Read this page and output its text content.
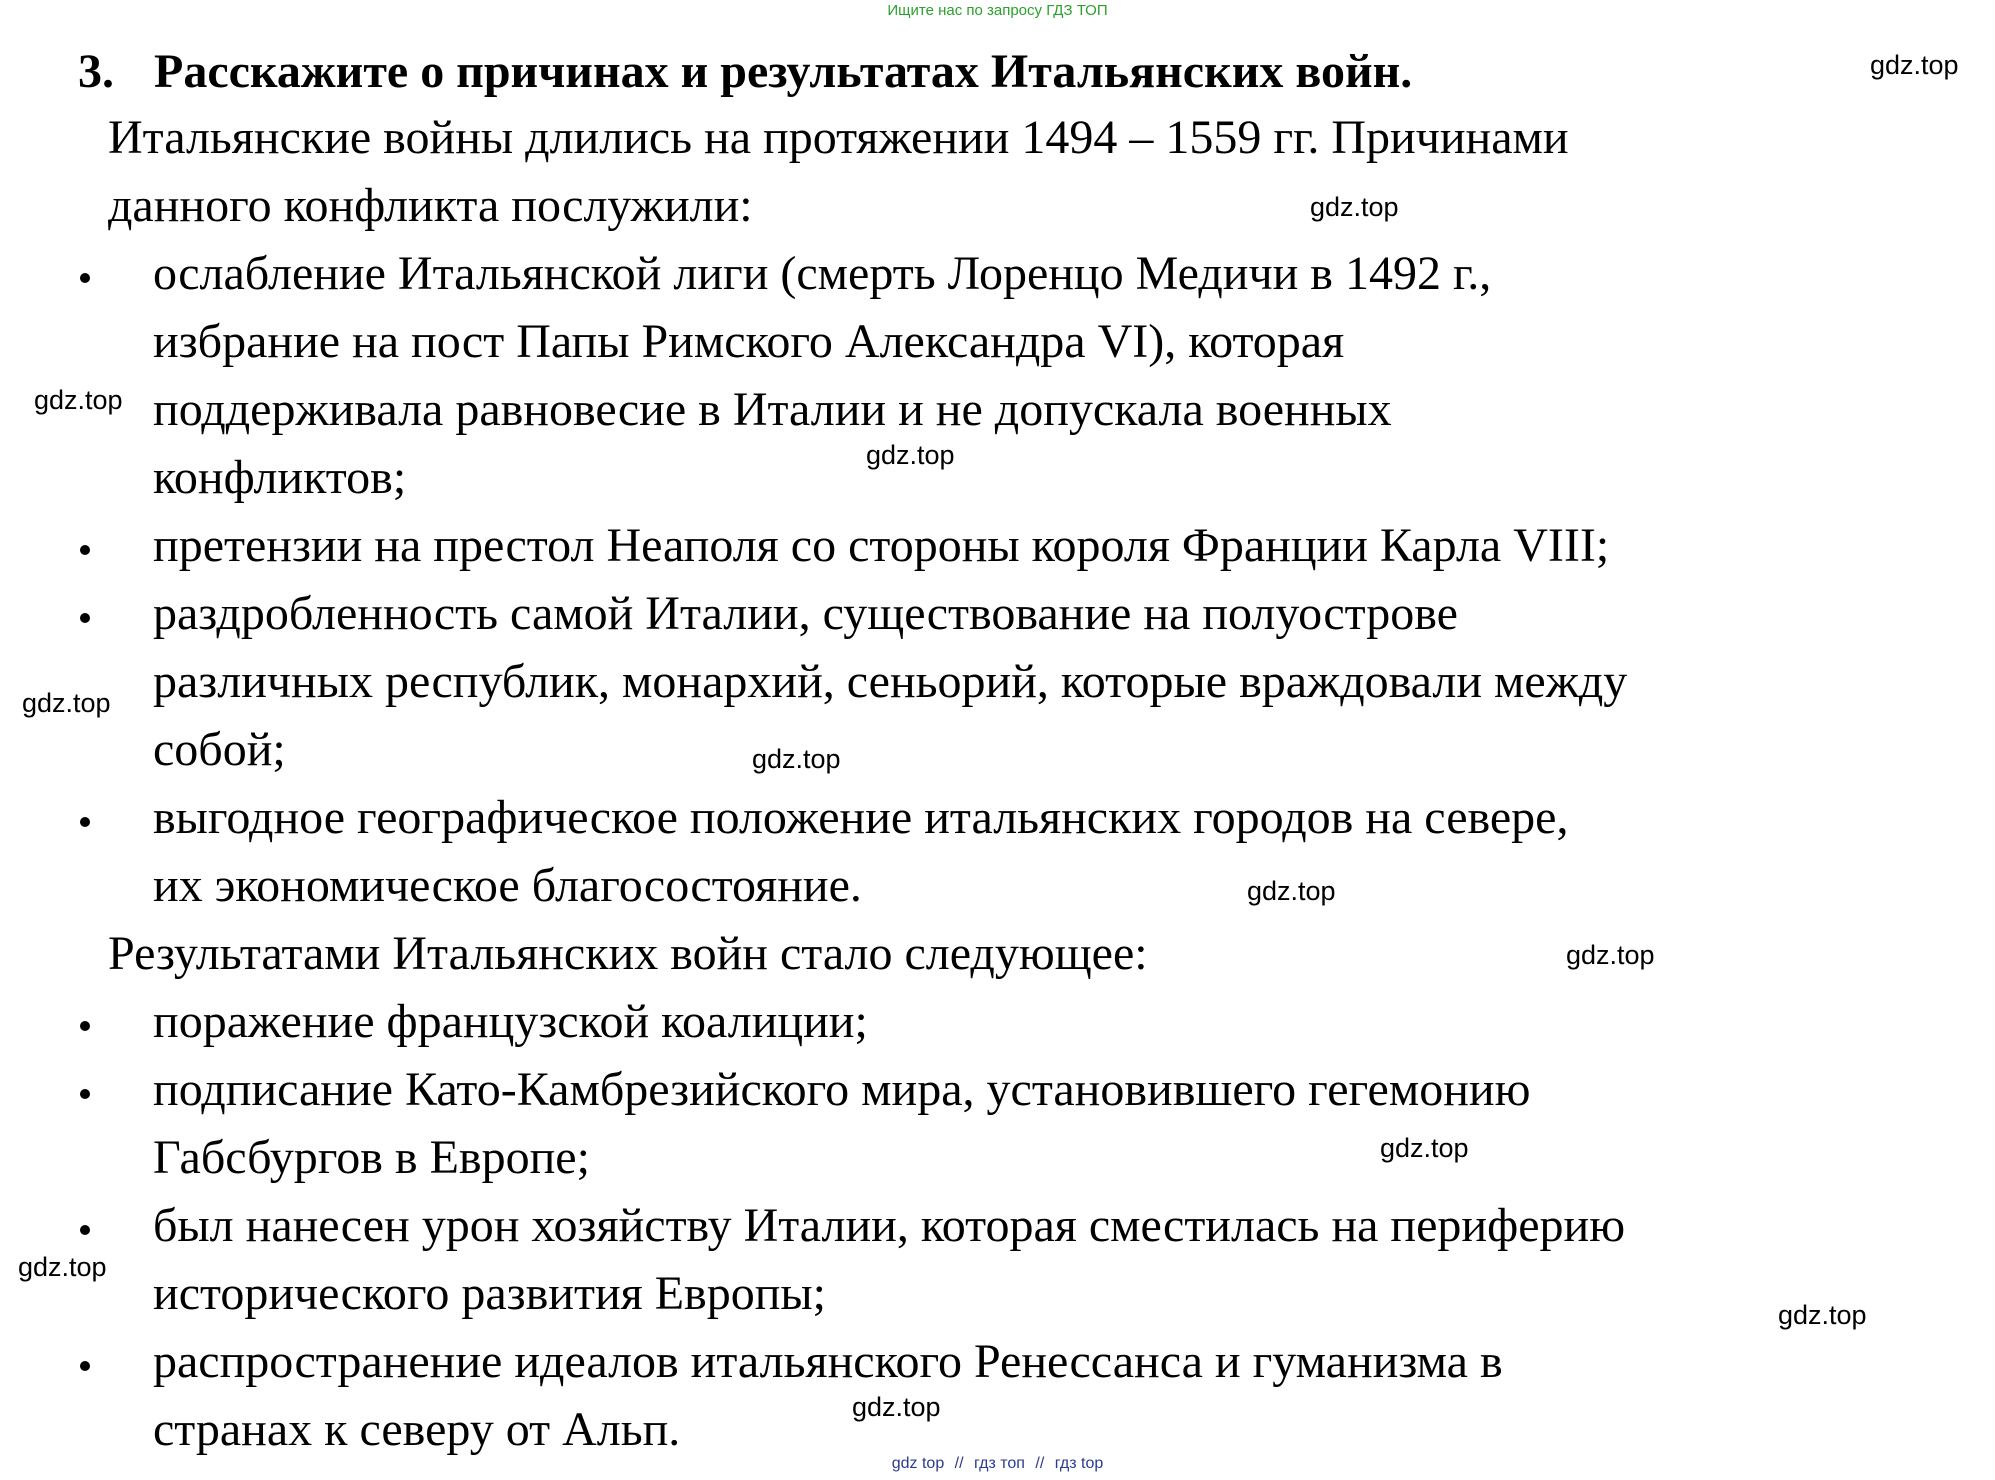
Ищите нас по запросу ГДЗ ТОП
3. Расскажите о причинах и результатах Итальянских войн.
Итальянские войны длились на протяжении 1494 – 1559 гг. Причинами
данного конфликта послужили:
ослабление Итальянской лиги (смерть Лоренцо Медичи в 1492 г.,
избрание на пост Папы Римского Александра VI), которая
поддерживала равновесие в Италии и не допускала военных
конфликтов;
претензии на престол Неаполя со стороны короля Франции Карла VIII;
раздробленность самой Италии, существование на полуострове
различных республик, монархий, сеньорий, которые враждовали между
собой;
выгодное географическое положение итальянских городов на севере,
их экономическое благосостояние.
Результатами Итальянских войн стало следующее:
поражение французской коалиции;
подписание Като-Камбрезийского мира, установившего гегемонию
Габсбургов в Европе;
был нанесен урон хозяйству Италии, которая сместилась на периферию
исторического развития Европы;
распространение идеалов итальянского Ренессанса и гуманизма в
странах к северу от Альп.
gdz.top
gdz.top
gdz.top
gdz.top
gdz.top
gdz.top
gdz.top
gdz.top
gdz.top
gdz.top
gdz.top
gdz.top
gdz top // гдз топ // гдз top
